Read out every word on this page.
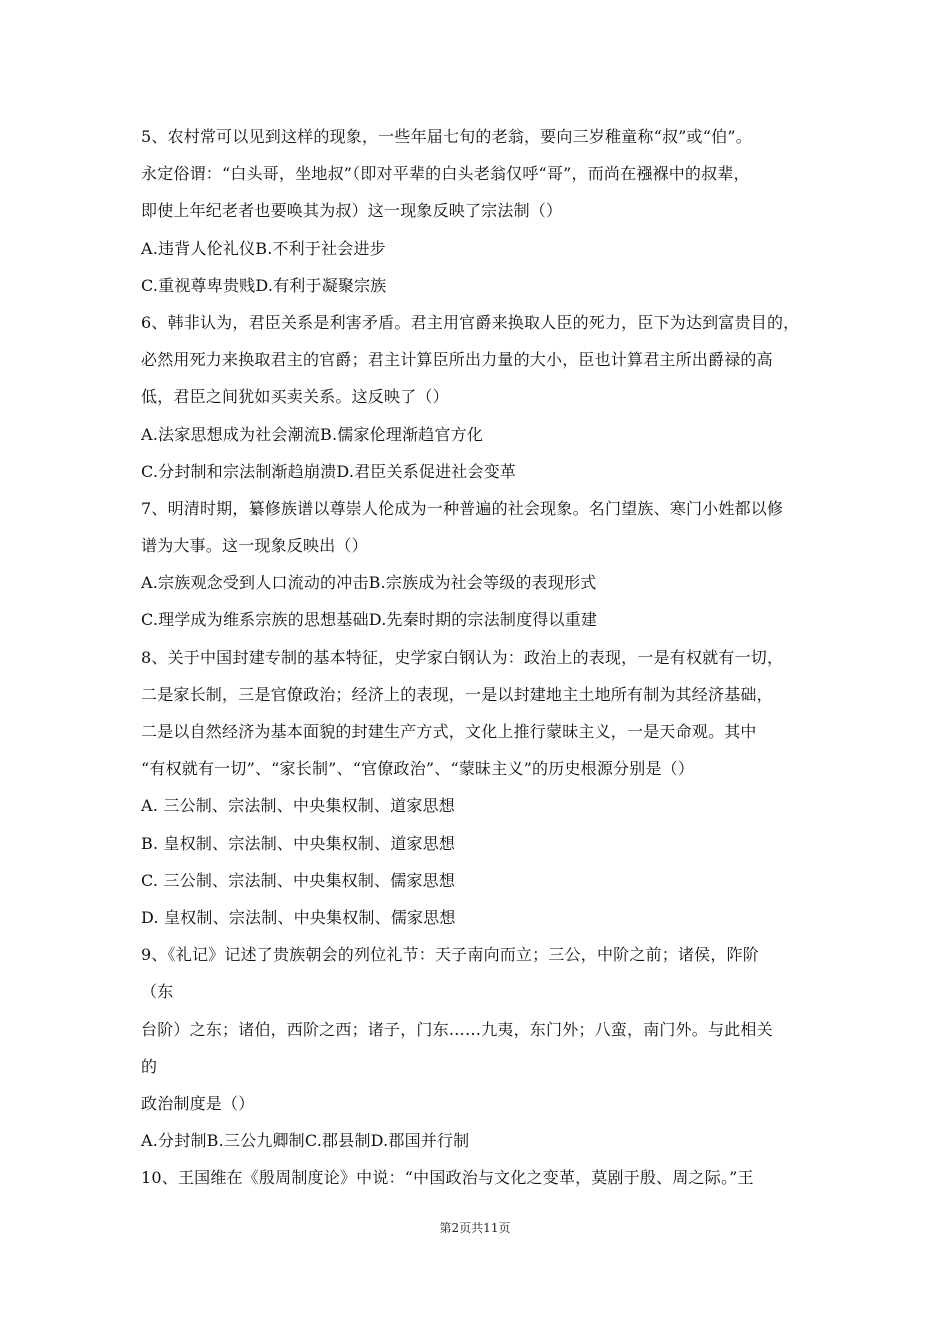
5、农村常可以见到这样的现象，一些年届七旬的老翁，要向三岁稚童称“叔”或“伯”。
永定俗谓：“白头哥，坐地叔”（即对平辈的白头老翁仅呼“哥”，而尚在襁褓中的叔辈，
即使上年纪老者也要唤其为叔）这一现象反映了宗法制（）
A.违背人伦礼仪B.不利于社会进步
C.重视尊卑贵贱D.有利于凝聚宗族
6、韩非认为，君臣关系是利害矛盾。君主用官爵来换取人臣的死力，臣下为达到富贵目的，
必然用死力来换取君主的官爵；君主计算臣所出力量的大小，臣也计算君主所出爵禄的高
低，君臣之间犹如买卖关系。这反映了（）
A.法家思想成为社会潮流B.儒家伦理渐趋官方化
C.分封制和宗法制渐趋崩溃D.君臣关系促进社会变革
7、明清时期，纂修族谱以尊崇人伦成为一种普遍的社会现象。名门望族、寒门小姓都以修
谱为大事。这一现象反映出（）
A.宗族观念受到人口流动的冲击B.宗族成为社会等级的表现形式
C.理学成为维系宗族的思想基础D.先秦时期的宗法制度得以重建
8、关于中国封建专制的基本特征，史学家白钢认为：政治上的表现，一是有权就有一切，
二是家长制，三是官僚政治；经济上的表现，一是以封建地主土地所有制为其经济基础，
二是以自然经济为基本面貌的封建生产方式，文化上推行蒙昧主义，一是天命观。其中
“有权就有一切”、“家长制”、“官僚政治”、“蒙昧主义”的历史根源分别是（）
A. 三公制、宗法制、中央集权制、道家思想
B. 皇权制、宗法制、中央集权制、道家思想
C. 三公制、宗法制、中央集权制、儒家思想
D. 皇权制、宗法制、中央集权制、儒家思想
9、《礼记》记述了贵族朝会的列位礼节：天子南向而立；三公，中阶之前；诸侯，阼阶
（东
台阶）之东；诸伯，西阶之西；诸子，门东……九夷，东门外；八蛮，南门外。与此相关
的
政治制度是（）
A.分封制B.三公九卿制C.郡县制D.郡国并行制
10、王国维在《殷周制度论》中说：“中国政治与文化之变革，莫剧于殷、周之际。”王
第2页共11页
